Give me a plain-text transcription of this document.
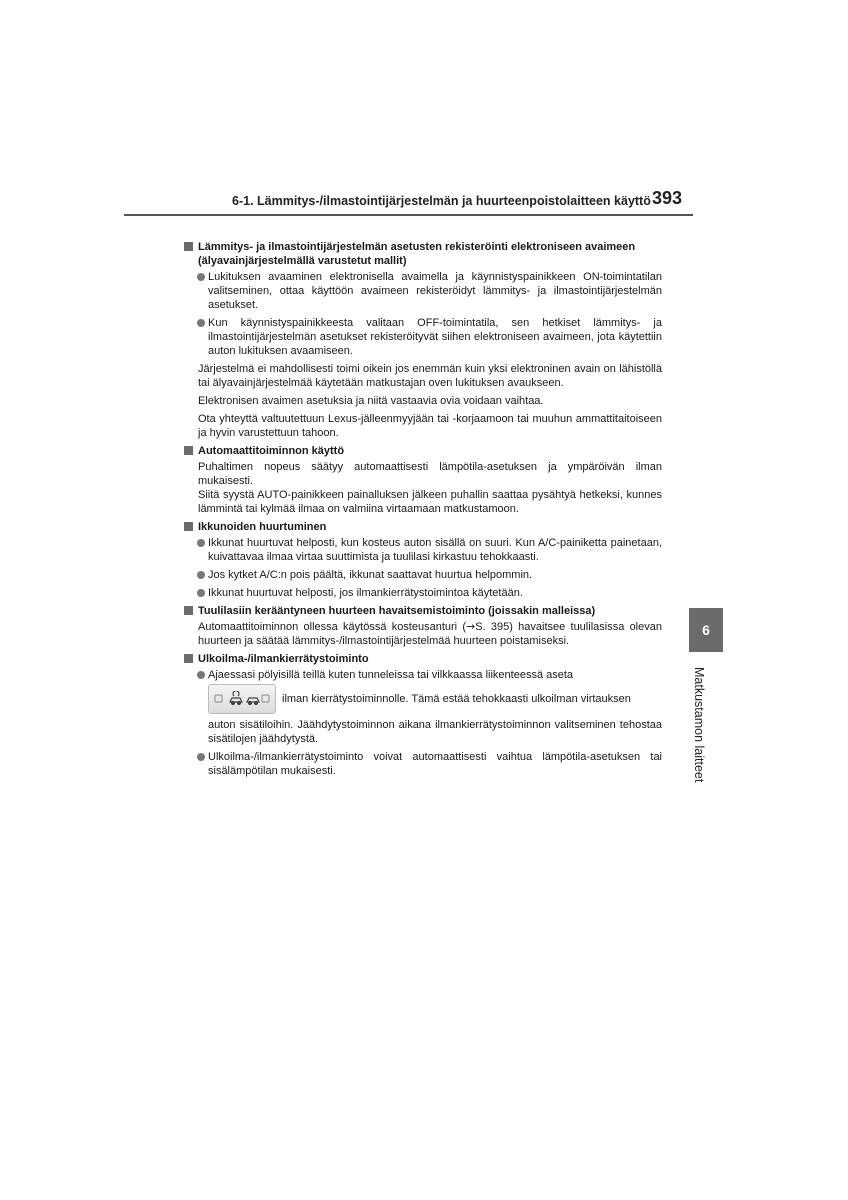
6-1. Lämmitys-/ilmastointijärjestelmän ja huurteenpoistolaitteen käyttö 393
Lämmitys- ja ilmastointijärjestelmän asetusten rekisteröinti elektroniseen avaimeen (älyavainjärjestelmällä varustetut mallit)
Lukituksen avaaminen elektronisella avaimella ja käynnistyspainikkeen ON-toimintatilan valitseminen, ottaa käyttöön avaimeen rekisteröidyt lämmitys- ja ilmastointijärjestelmän asetukset.
Kun käynnistyspainikkeesta valitaan OFF-toimintatila, sen hetkiset lämmitys- ja ilmastointijärjestelmän asetukset rekisteröityvät siihen elektroniseen avaimeen, jota käytettiin auton lukituksen avaamiseen.
Järjestelmä ei mahdollisesti toimi oikein jos enemmän kuin yksi elektroninen avain on lähistöllä tai älyavainjärjestelmää käytetään matkustajan oven lukituksen avaukseen.
Elektronisen avaimen asetuksia ja niitä vastaavia ovia voidaan vaihtaa.
Ota yhteyttä valtuutettuun Lexus-jälleenmyyjään tai -korjaamoon tai muuhun ammattitaitoiseen ja hyvin varustettuun tahoon.
Automaattitoiminnon käyttö
Puhaltimen nopeus säätyy automaattisesti lämpötila-asetuksen ja ympäröivän ilman mukaisesti.
Siitä syystä AUTO-painikkeen painalluksen jälkeen puhallin saattaa pysähtyä hetkeksi, kunnes lämmintä tai kylmää ilmaa on valmiina virtaamaan matkustamoon.
Ikkunoiden huurtuminen
Ikkunat huurtuvat helposti, kun kosteus auton sisällä on suuri. Kun A/C-painiketta painetaan, kuivattavaa ilmaa virtaa suuttimista ja tuulilasi kirkastuu tehokkaasti.
Jos kytket A/C:n pois päältä, ikkunat saattavat huurtua helpommin.
Ikkunat huurtuvat helposti, jos ilmankierrätystoimintoa käytetään.
Tuulilasiin kerääntyneen huurteen havaitsemistoiminto (joissakin malleissa)
Automaattitoiminnon ollessa käytössä kosteusanturi (→S. 395) havaitsee tuulilasissa olevan huurteen ja säätää lämmitys-/ilmastointijärjestelmää huurteen poistamiseksi.
Ulkoilma-/ilmankierrätystoiminto
Ajaessasi pölyisillä teillä kuten tunneleissa tai vilkkaassa liikenteessä aseta
ilman kierrätystoiminnolle. Tämä estää tehokkaasti ulkoilman virtauksen
auton sisätiloihin. Jäähdytystoiminnon aikana ilmankierrätystoiminnon valitseminen tehostaa sisätilojen jäähdytystä.
Ulkoilma-/ilmankierrätystoiminto voivat automaattisesti vaihtua lämpötila-asetuksen tai sisälämpötilan mukaisesti.
6
Matkustamon laitteet
